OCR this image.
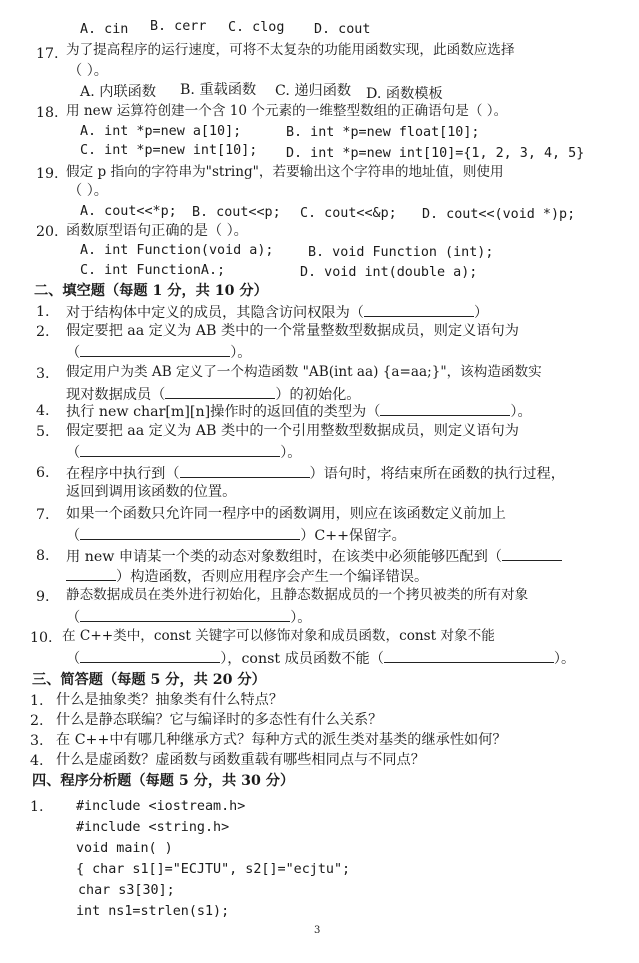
A. cin B. cerr C. clog D. cout
17. 为了提高程序的运行速度，可将不太复杂的功能用函数实现，此函数应选择
（ ）。
A. 内联函数 B. 重载函数 C. 递归函数 D. 函数模板
18. 用 new 运算符创建一个含 10 个元素的一维整型数组的正确语句是（ ）。
A. int *p=new a[10];	B. int *p=new float[10];
C. int *p=new int[10]; D. int *p=new int[10]={1, 2, 3, 4, 5}
19. 假定 p 指向的字符串为"string"，若要输出这个字符串的地址值，则使用
（ ）。
A. cout<<*p; B. cout<<p; C. cout<<&p; D. cout<<(void *)p;
20. 函数原型语句正确的是（ ）。
A. int Function(void a);	B. void Function (int);
C. int FunctionA.;	D. void int(double a);
二、填空题（每题 1 分，共 10 分）
1. 对于结构体中定义的成员，其隐含访问权限为（	）
2. 假定要把 aa 定义为 AB 类中的一个常量整数型数据成员，则定义语句为
（	）。
3. 假定用户为类 AB 定义了一个构造函数 "AB(int aa) {a=aa;}"，该构造函数实
现对数据成员（	）的初始化。
4. 执行 new char[m][n]操作时的返回值的类型为（	）。
5. 假定要把 aa 定义为 AB 类中的一个引用整数型数据成员，则定义语句为
（	）。
6. 在程序中执行到（	）语句时，将结束所在函数的执行过程，
返回到调用该函数的位置。
7. 如果一个函数只允许同一程序中的函数调用，则应在该函数定义前加上
（	）C++保留字。
8. 用 new 申请某一个类的动态对象数组时，在该类中必须能够匹配到（
）构造函数，否则应用程序会产生一个编译错误。
9. 静态数据成员在类外进行初始化，且静态数据成员的一个拷贝被类的所有对象
（	）。
10. 在 C++类中，const 关键字可以修饰对象和成员函数，const 对象不能
（	），const 成员函数不能（	）。
三、简答题（每题 5 分，共 20 分）
1. 什么是抽象类？抽象类有什么特点？
2. 什么是静态联编？它与编译时的多态性有什么关系？
3. 在 C++中有哪几种继承方式？每种方式的派生类对基类的继承性如何？
4. 什么是虚函数？虚函数与函数重载有哪些相同点与不同点？
四、程序分析题（每题 5 分，共 30 分）
1. #include <iostream.h>
#include <string.h>
void main( )
{ char s1[]="ECJTU", s2[]="ecjtu";
char s3[30];
int ns1=strlen(s1);
3
